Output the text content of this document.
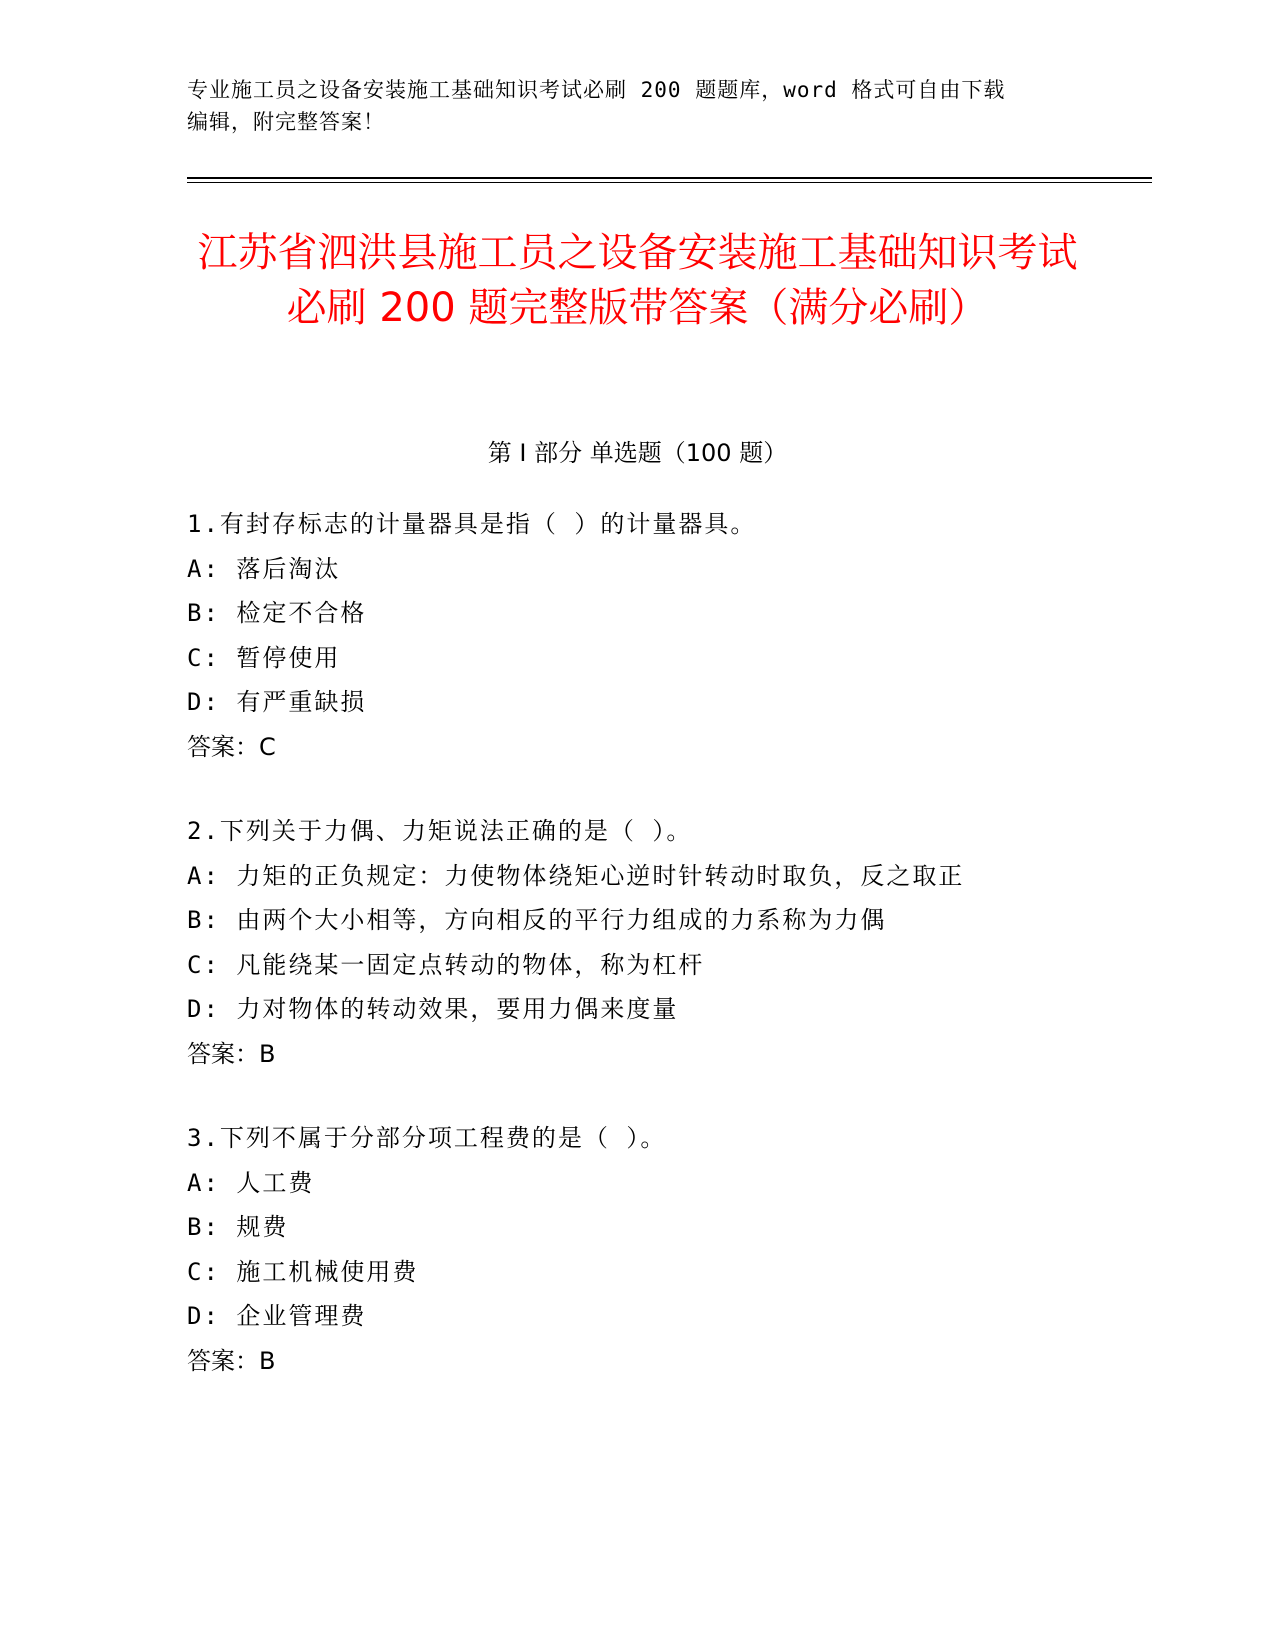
专业施工员之设备安装施工基础知识考试必刷 200 题题库，word 格式可自由下载
编辑，附完整答案！
江苏省泗洪县施工员之设备安装施工基础知识考试必刷 200 题完整版带答案（满分必刷）
第 I 部分 单选题（100 题）
1.有封存标志的计量器具是指（ ）的计量器具。
A: 落后淘汰
B: 检定不合格
C: 暂停使用
D: 有严重缺损
答案：C
2.下列关于力偶、力矩说法正确的是（ ）。
A: 力矩的正负规定：力使物体绕矩心逆时针转动时取负，反之取正
B: 由两个大小相等，方向相反的平行力组成的力系称为力偶
C: 凡能绕某一固定点转动的物体，称为杠杆
D: 力对物体的转动效果，要用力偶来度量
答案：B
3.下列不属于分部分项工程费的是（ ）。
A: 人工费
B: 规费
C: 施工机械使用费
D: 企业管理费
答案：B
